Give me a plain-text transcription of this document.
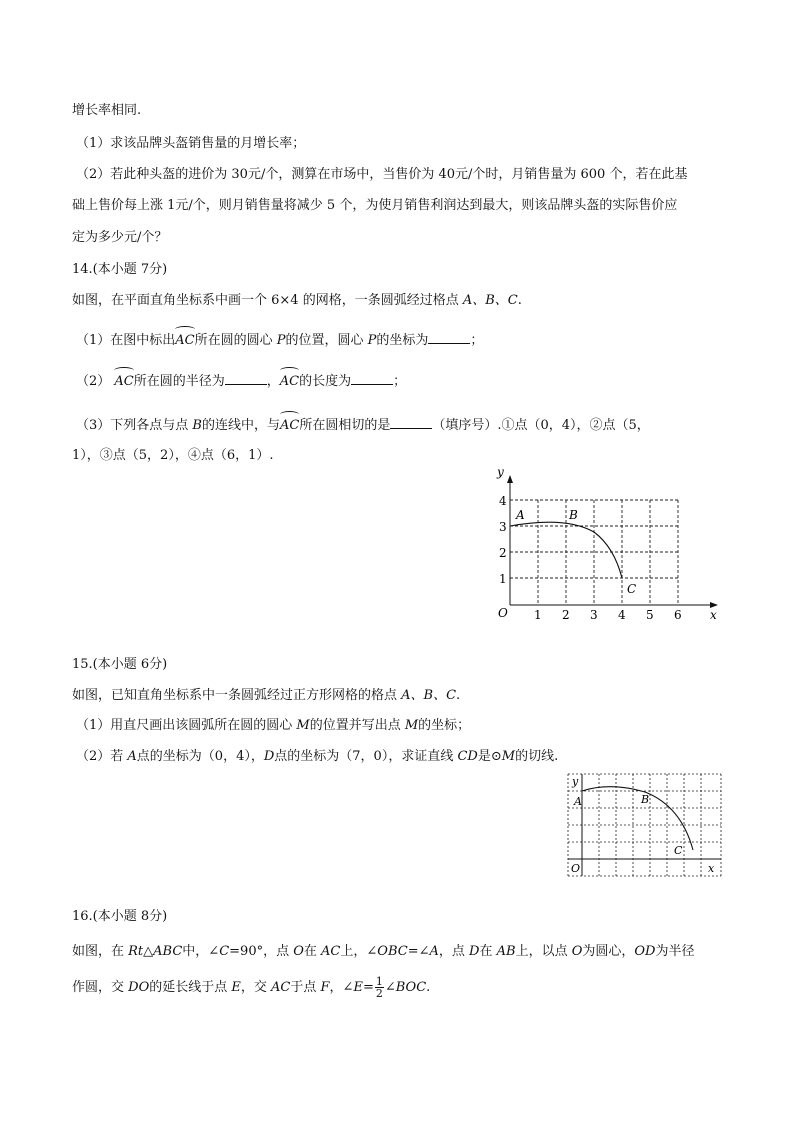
增长率相同.
（1）求该品牌头盔销售量的月增长率；
（2）若此种头盔的进价为 30元/个，测算在市场中，当售价为 40元/个时，月销售量为 600 个，若在此基
础上售价每上涨 1元/个，则月销售量将减少 5 个，为使月销售利润达到最大，则该品牌头盔的实际售价应
定为多少元/个？
14.(本小题 7分)
如图，在平面直角坐标系中画一个 6×4 的网格，一条圆弧经过格点 A、B、C.
（1）在图中标出
AC所在圆的圆心 P的位置，圆心 P的坐标为	；
（2）
AC所在圆的半径为	，
AC的长度为	；
（3）下列各点与点 B的连线中，与
AC所在圆相切的是	（填序号）.①点（0，4），②点（5，
1），③点（5，2），④点（6，1）.
y
x
O 1 2 3 4 5 6
1
2
3
4
A	B
C
15.(本小题 6分)
如图，已知直角坐标系中一条圆弧经过正方形网格的格点 A、B、C.
（1）用直尺画出该圆弧所在圆的圆心 M的位置并写出点 M的坐标；
（2）若 A点的坐标为（0，4），D点的坐标为（7，0），求证直线 CD是⊙M的切线.
y
x
O
A	B
C
16.(本小题 8分)
如图，在 Rt△ABC中，∠C=90°，点 O在 AC上，∠OBC=∠A，点 D在 AB上，以点 O为圆心，OD为半径
作圆，交 DO的延长线于点 E，交 AC于点 F，∠E= $\frac{1}{2}$ ∠BOC.
